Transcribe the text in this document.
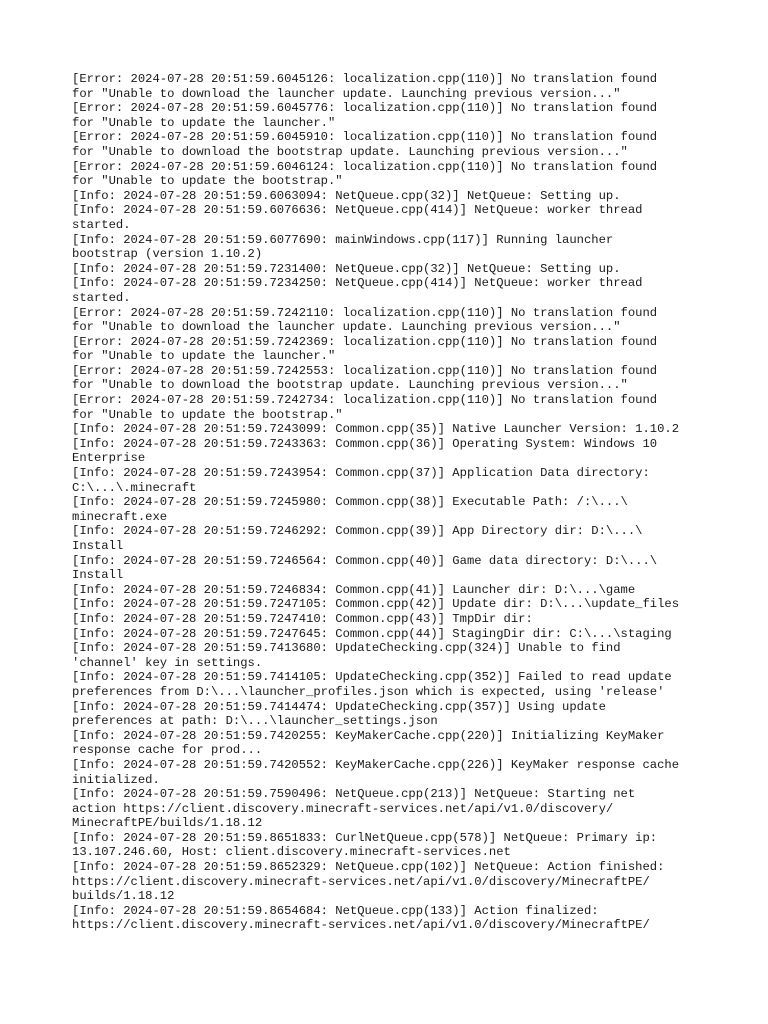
[Error: 2024-07-28 20:51:59.6045126: localization.cpp(110)] No translation found
for "Unable to download the launcher update. Launching previous version..."
[Error: 2024-07-28 20:51:59.6045776: localization.cpp(110)] No translation found
for "Unable to update the launcher."
[Error: 2024-07-28 20:51:59.6045910: localization.cpp(110)] No translation found
for "Unable to download the bootstrap update. Launching previous version..."
[Error: 2024-07-28 20:51:59.6046124: localization.cpp(110)] No translation found
for "Unable to update the bootstrap."
[Info: 2024-07-28 20:51:59.6063094: NetQueue.cpp(32)] NetQueue: Setting up.
[Info: 2024-07-28 20:51:59.6076636: NetQueue.cpp(414)] NetQueue: worker thread
started.
[Info: 2024-07-28 20:51:59.6077690: mainWindows.cpp(117)] Running launcher
bootstrap (version 1.10.2)
[Info: 2024-07-28 20:51:59.7231400: NetQueue.cpp(32)] NetQueue: Setting up.
[Info: 2024-07-28 20:51:59.7234250: NetQueue.cpp(414)] NetQueue: worker thread
started.
[Error: 2024-07-28 20:51:59.7242110: localization.cpp(110)] No translation found
for "Unable to download the launcher update. Launching previous version..."
[Error: 2024-07-28 20:51:59.7242369: localization.cpp(110)] No translation found
for "Unable to update the launcher."
[Error: 2024-07-28 20:51:59.7242553: localization.cpp(110)] No translation found
for "Unable to download the bootstrap update. Launching previous version..."
[Error: 2024-07-28 20:51:59.7242734: localization.cpp(110)] No translation found
for "Unable to update the bootstrap."
[Info: 2024-07-28 20:51:59.7243099: Common.cpp(35)] Native Launcher Version: 1.10.2
[Info: 2024-07-28 20:51:59.7243363: Common.cpp(36)] Operating System: Windows 10
Enterprise
[Info: 2024-07-28 20:51:59.7243954: Common.cpp(37)] Application Data directory:
C:\...\.minecraft
[Info: 2024-07-28 20:51:59.7245980: Common.cpp(38)] Executable Path: /:\...\
minecraft.exe
[Info: 2024-07-28 20:51:59.7246292: Common.cpp(39)] App Directory dir: D:\...\
Install
[Info: 2024-07-28 20:51:59.7246564: Common.cpp(40)] Game data directory: D:\...\
Install
[Info: 2024-07-28 20:51:59.7246834: Common.cpp(41)] Launcher dir: D:\...\game
[Info: 2024-07-28 20:51:59.7247105: Common.cpp(42)] Update dir: D:\...\update_files
[Info: 2024-07-28 20:51:59.7247410: Common.cpp(43)] TmpDir dir:
[Info: 2024-07-28 20:51:59.7247645: Common.cpp(44)] StagingDir dir: C:\...\staging
[Info: 2024-07-28 20:51:59.7413680: UpdateChecking.cpp(324)] Unable to find
'channel' key in settings.
[Info: 2024-07-28 20:51:59.7414105: UpdateChecking.cpp(352)] Failed to read update
preferences from D:\...\launcher_profiles.json which is expected, using 'release'
[Info: 2024-07-28 20:51:59.7414474: UpdateChecking.cpp(357)] Using update
preferences at path: D:\...\launcher_settings.json
[Info: 2024-07-28 20:51:59.7420255: KeyMakerCache.cpp(220)] Initializing KeyMaker
response cache for prod...
[Info: 2024-07-28 20:51:59.7420552: KeyMakerCache.cpp(226)] KeyMaker response cache
initialized.
[Info: 2024-07-28 20:51:59.7590496: NetQueue.cpp(213)] NetQueue: Starting net
action https://client.discovery.minecraft-services.net/api/v1.0/discovery/
MinecraftPE/builds/1.18.12
[Info: 2024-07-28 20:51:59.8651833: CurlNetQueue.cpp(578)] NetQueue: Primary ip:
13.107.246.60, Host: client.discovery.minecraft-services.net
[Info: 2024-07-28 20:51:59.8652329: NetQueue.cpp(102)] NetQueue: Action finished:
https://client.discovery.minecraft-services.net/api/v1.0/discovery/MinecraftPE/
builds/1.18.12
[Info: 2024-07-28 20:51:59.8654684: NetQueue.cpp(133)] Action finalized:
https://client.discovery.minecraft-services.net/api/v1.0/discovery/MinecraftPE/
